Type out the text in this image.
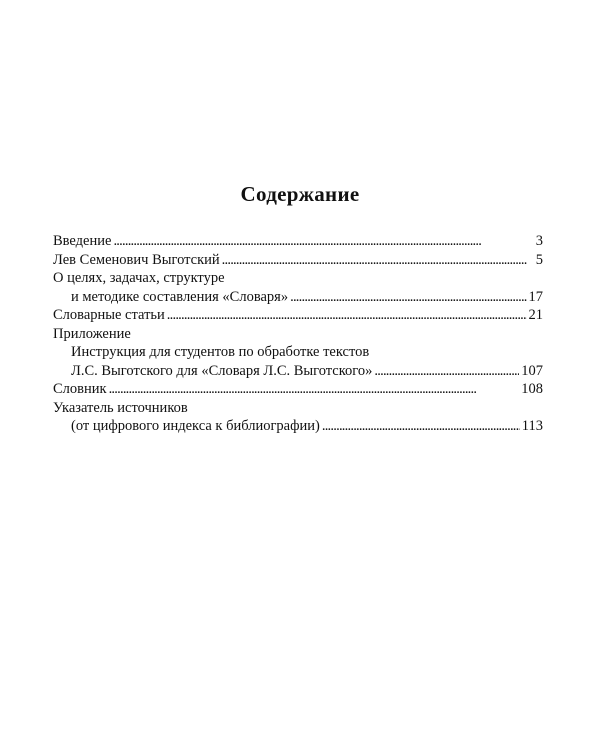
Содержание
Введение . . .	3
Лев Семенович Выготский . . .	5
О целях, задачах, структуре
и методике составления «Словаря» . . .	17
Словарные статьи . . .	21
Приложение
Инструкция для студентов по обработке текстов
Л.С. Выготского для «Словаря Л.С. Выготского» . . .	107
Словник . . .	108
Указатель источников
(от цифрового индекса к библиографии) . . .	113
